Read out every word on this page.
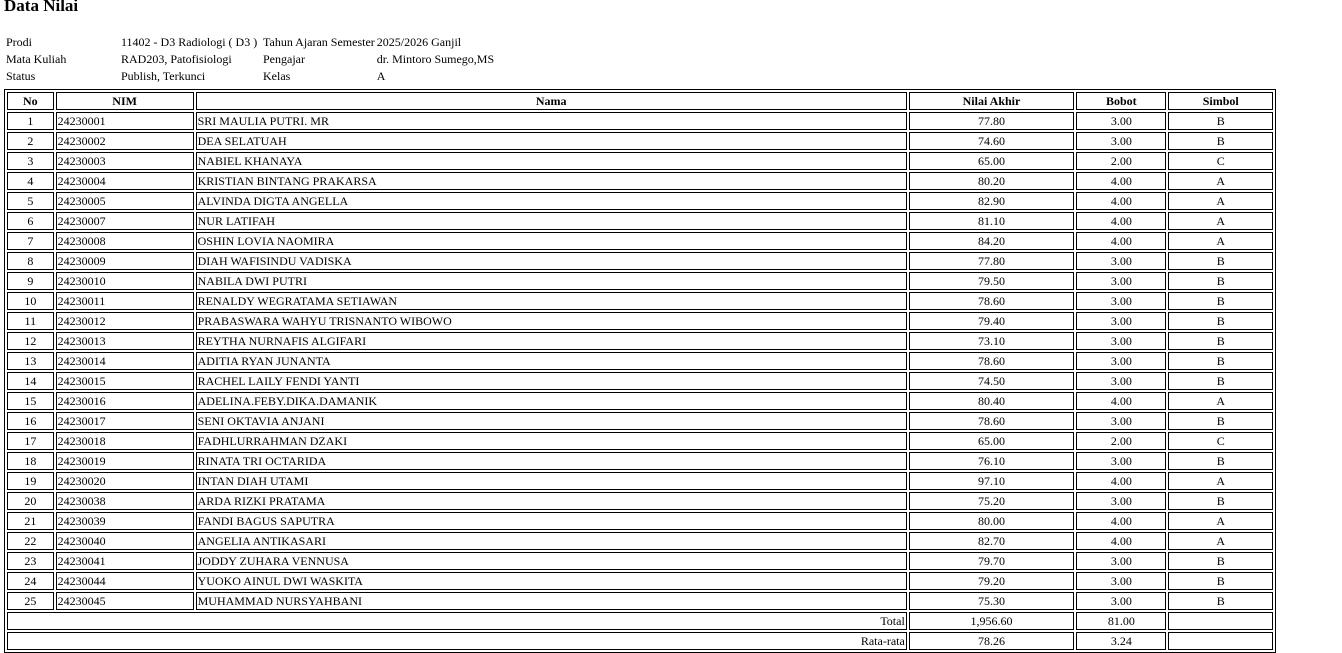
Data Nilai
Prodi	11402 - D3 Radiologi ( D3 )	Tahun Ajaran Semester	2025/2026 Ganjil
Mata Kuliah	RAD203, Patofisiologi	Pengajar	dr. Mintoro Sumego,MS
Status	Publish, Terkunci	Kelas	A
No	NIM	Nama	Nilai Akhir	Bobot	Simbol
1	24230001	SRI MAULIA PUTRI. MR	77.80	3.00	B
2	24230002	DEA SELATUAH	74.60	3.00	B
3	24230003	NABIEL KHANAYA	65.00	2.00	C
4	24230004	KRISTIAN BINTANG PRAKARSA	80.20	4.00	A
5	24230005	ALVINDA DIGTA ANGELLA	82.90	4.00	A
6	24230007	NUR LATIFAH	81.10	4.00	A
7	24230008	OSHIN LOVIA NAOMIRA	84.20	4.00	A
8	24230009	DIAH WAFISINDU VADISKA	77.80	3.00	B
9	24230010	NABILA DWI PUTRI	79.50	3.00	B
10	24230011	RENALDY WEGRATAMA SETIAWAN	78.60	3.00	B
11	24230012	PRABASWARA WAHYU TRISNANTO WIBOWO	79.40	3.00	B
12	24230013	REYTHA NURNAFIS ALGIFARI	73.10	3.00	B
13	24230014	ADITIA RYAN JUNANTA	78.60	3.00	B
14	24230015	RACHEL LAILY FENDI YANTI	74.50	3.00	B
15	24230016	ADELINA.FEBY.DIKA.DAMANIK	80.40	4.00	A
16	24230017	SENI OKTAVIA ANJANI	78.60	3.00	B
17	24230018	FADHLURRAHMAN DZAKI	65.00	2.00	C
18	24230019	RINATA TRI OCTARIDA	76.10	3.00	B
19	24230020	INTAN DIAH UTAMI	97.10	4.00	A
20	24230038	ARDA RIZKI PRATAMA	75.20	3.00	B
21	24230039	FANDI BAGUS SAPUTRA	80.00	4.00	A
22	24230040	ANGELIA ANTIKASARI	82.70	4.00	A
23	24230041	JODDY ZUHARA VENNUSA	79.70	3.00	B
24	24230044	YUOKO AINUL DWI WASKITA	79.20	3.00	B
25	24230045	MUHAMMAD NURSYAHBANI	75.30	3.00	B
Total			1,956.60	81.00	
Rata-rata			78.26	3.24	
